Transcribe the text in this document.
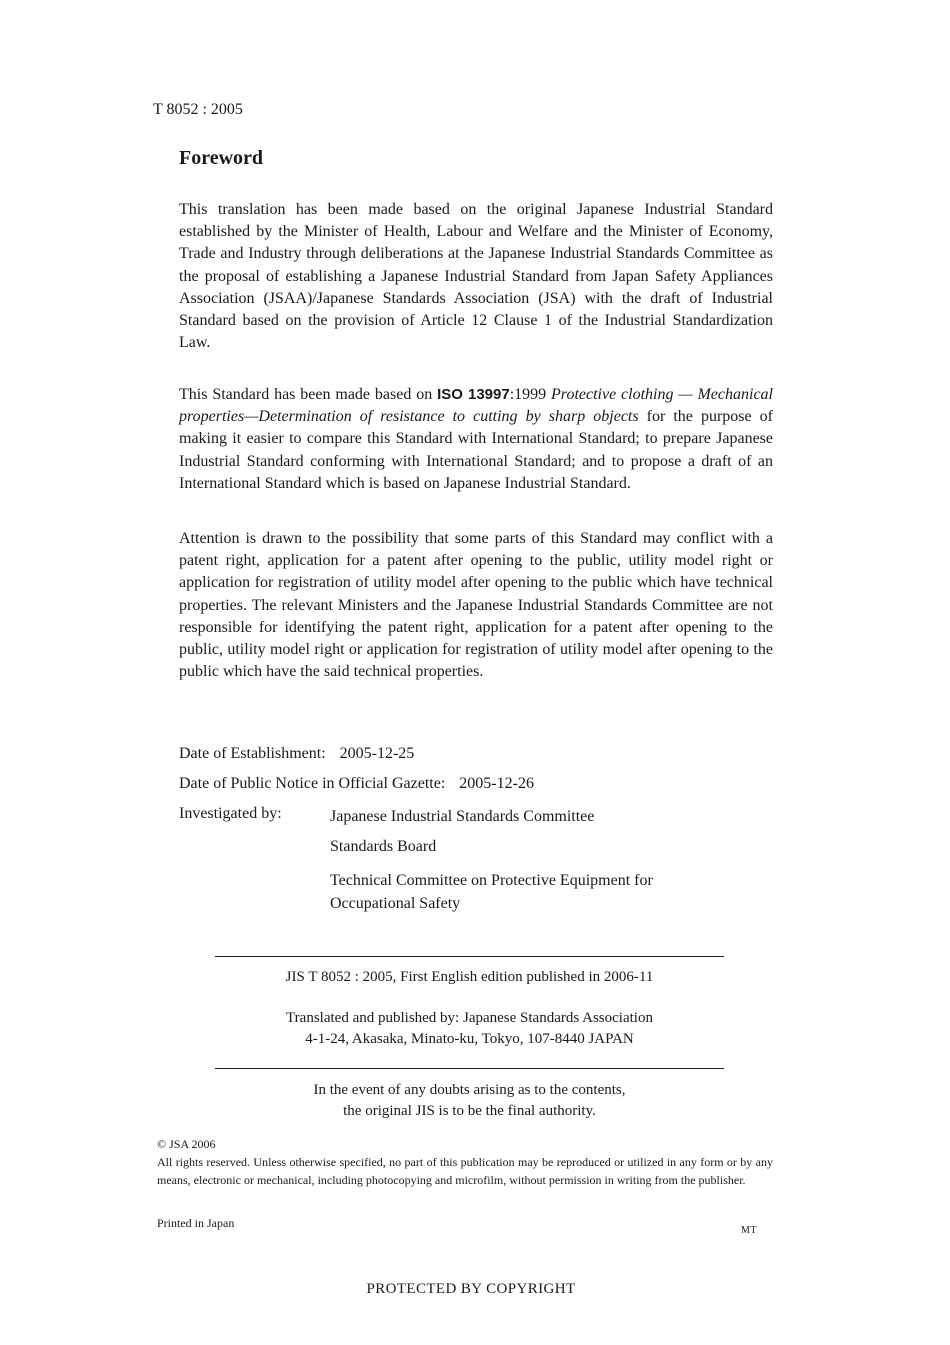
T 8052 : 2005
Foreword

This translation has been made based on the original Japanese Industrial Standard established by the Minister of Health, Labour and Welfare and the Minister of Economy, Trade and Industry through deliberations at the Japanese Industrial Standards Committee as the proposal of establishing a Japanese Industrial Standard from Japan Safety Appliances Association (JSAA)/Japanese Standards Association (JSA) with the draft of Industrial Standard based on the provision of Article 12 Clause 1 of the Industrial Standardization Law.

This Standard has been made based on ISO 13997:1999 Protective clothing — Mechanical properties—Determination of resistance to cutting by sharp objects for the purpose of making it easier to compare this Standard with International Standard; to prepare Japanese Industrial Standard conforming with International Standard; and to propose a draft of an International Standard which is based on Japanese Industrial Standard.

Attention is drawn to the possibility that some parts of this Standard may conflict with a patent right, application for a patent after opening to the public, utility model right or application for registration of utility model after opening to the public which have technical properties. The relevant Ministers and the Japanese Industrial Standards Committee are not responsible for identifying the patent right, application for a patent after opening to the public, utility model right or application for registration of utility model after opening to the public which have the said technical properties.

Date of Establishment: 2005-12-25
Date of Public Notice in Official Gazette: 2005-12-26
Investigated by:	Japanese Industrial Standards Committee
Standards Board
Technical Committee on Protective Equipment for Occupational Safety
JIS T 8052 : 2005, First English edition published in 2006-11
Translated and published by: Japanese Standards Association
4-1-24, Akasaka, Minato-ku, Tokyo, 107-8440 JAPAN
In the event of any doubts arising as to the contents,
the original JIS is to be the final authority.
© JSA 2006
All rights reserved. Unless otherwise specified, no part of this publication may be reproduced or utilized in any form or by any means, electronic or mechanical, including photocopying and microfilm, without permission in writing from the publisher.
Printed in Japan
MT
PROTECTED BY COPYRIGHT
